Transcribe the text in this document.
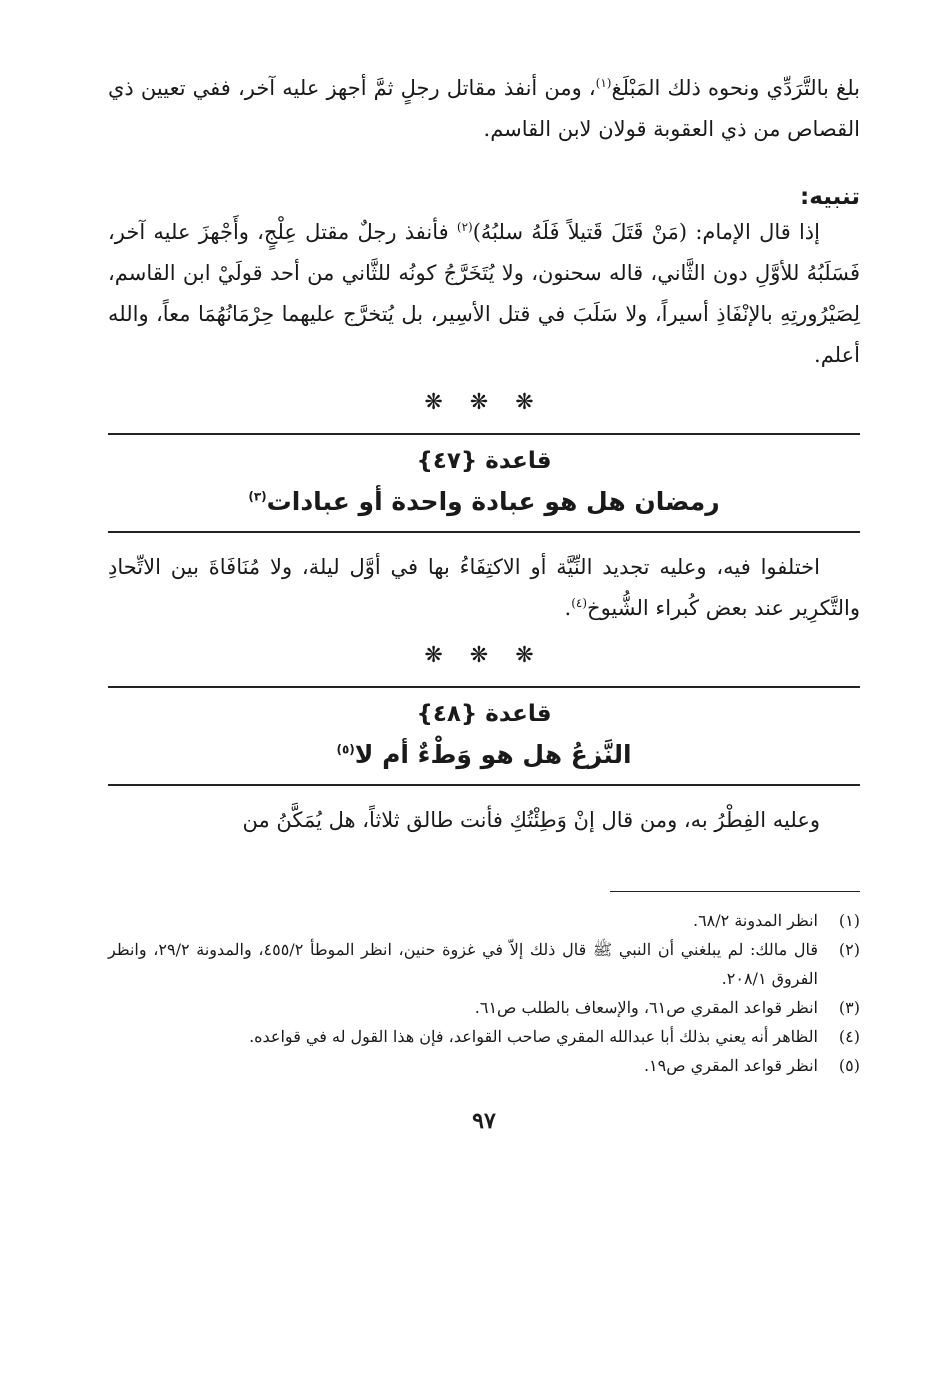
بلغ بالتَّرَدِّي ونحوه ذلك المَبْلَغ$^{(١)}$، ومن أنفذ مقاتل رجلٍ ثمَّ أجهز عليه آخر، ففي تعيين ذي القصاص من ذي العقوبة قولان لابن القاسم.

تنبيه:

إذا قال الإمام: (مَنْ قَتَلَ قَتيلاً فَلَهُ سلبُهُ)$^{(٢)}$ فأنفذ رجلٌ مقتل عِلْجٍ، وأَجْهزَ عليه آخر، فَسَلَبُهُ للأوَّلِ دون الثَّاني، قاله سحنون، ولا يُتَخَرَّجُ كونُه للثَّاني من أحد قولَيْ ابن القاسم، لِصَيْرُورتِهِ بالإنْفَاذِ أسيراً، ولا سَلَبَ في قتل الأسِير، بل يُتخرَّج عليهما حِرْمَانُهُمَا معاً، والله أعلم.

❋ ❋ ❋
قاعدة {٤٧}
رمضان هل هو عبادة واحدة أو عبادات$^{(٣)}$

اختلفوا فيه، وعليه تجديد النِّيَّة أو الاكتِفَاءُ بها في أوَّل ليلة، ولا مُنَافَاةَ بين الاتِّحادِ والتَّكرِير عند بعض كُبراء الشُّيوخ$^{(٤)}$.

❋ ❋ ❋
قاعدة {٤٨}
النَّزعُ هل هو وَطْءٌ أم لا$^{(٥)}$

وعليه الفِطْرُ به، ومن قال إنْ وَطِئْتُكِ فأنت طالق ثلاثاً، هل يُمَكَّنُ من

(١)
انظر المدونة ٦٨/٢.
(٢)
قال مالك: لم يبلغني أن النبي ﷺ قال ذلك إلاّ في غزوة حنين، انظر الموطأ ٤٥٥/٢، والمدونة ٢٩/٢، وانظر الفروق ٢٠٨/١.
(٣)
انظر قواعد المقري ص٦١، والإسعاف بالطلب ص٦١.
(٤)
الظاهر أنه يعني بذلك أبا عبدالله المقري صاحب القواعد، فإن هذا القول له في قواعده.
(٥)
انظر قواعد المقري ص١٩.
٩٧
